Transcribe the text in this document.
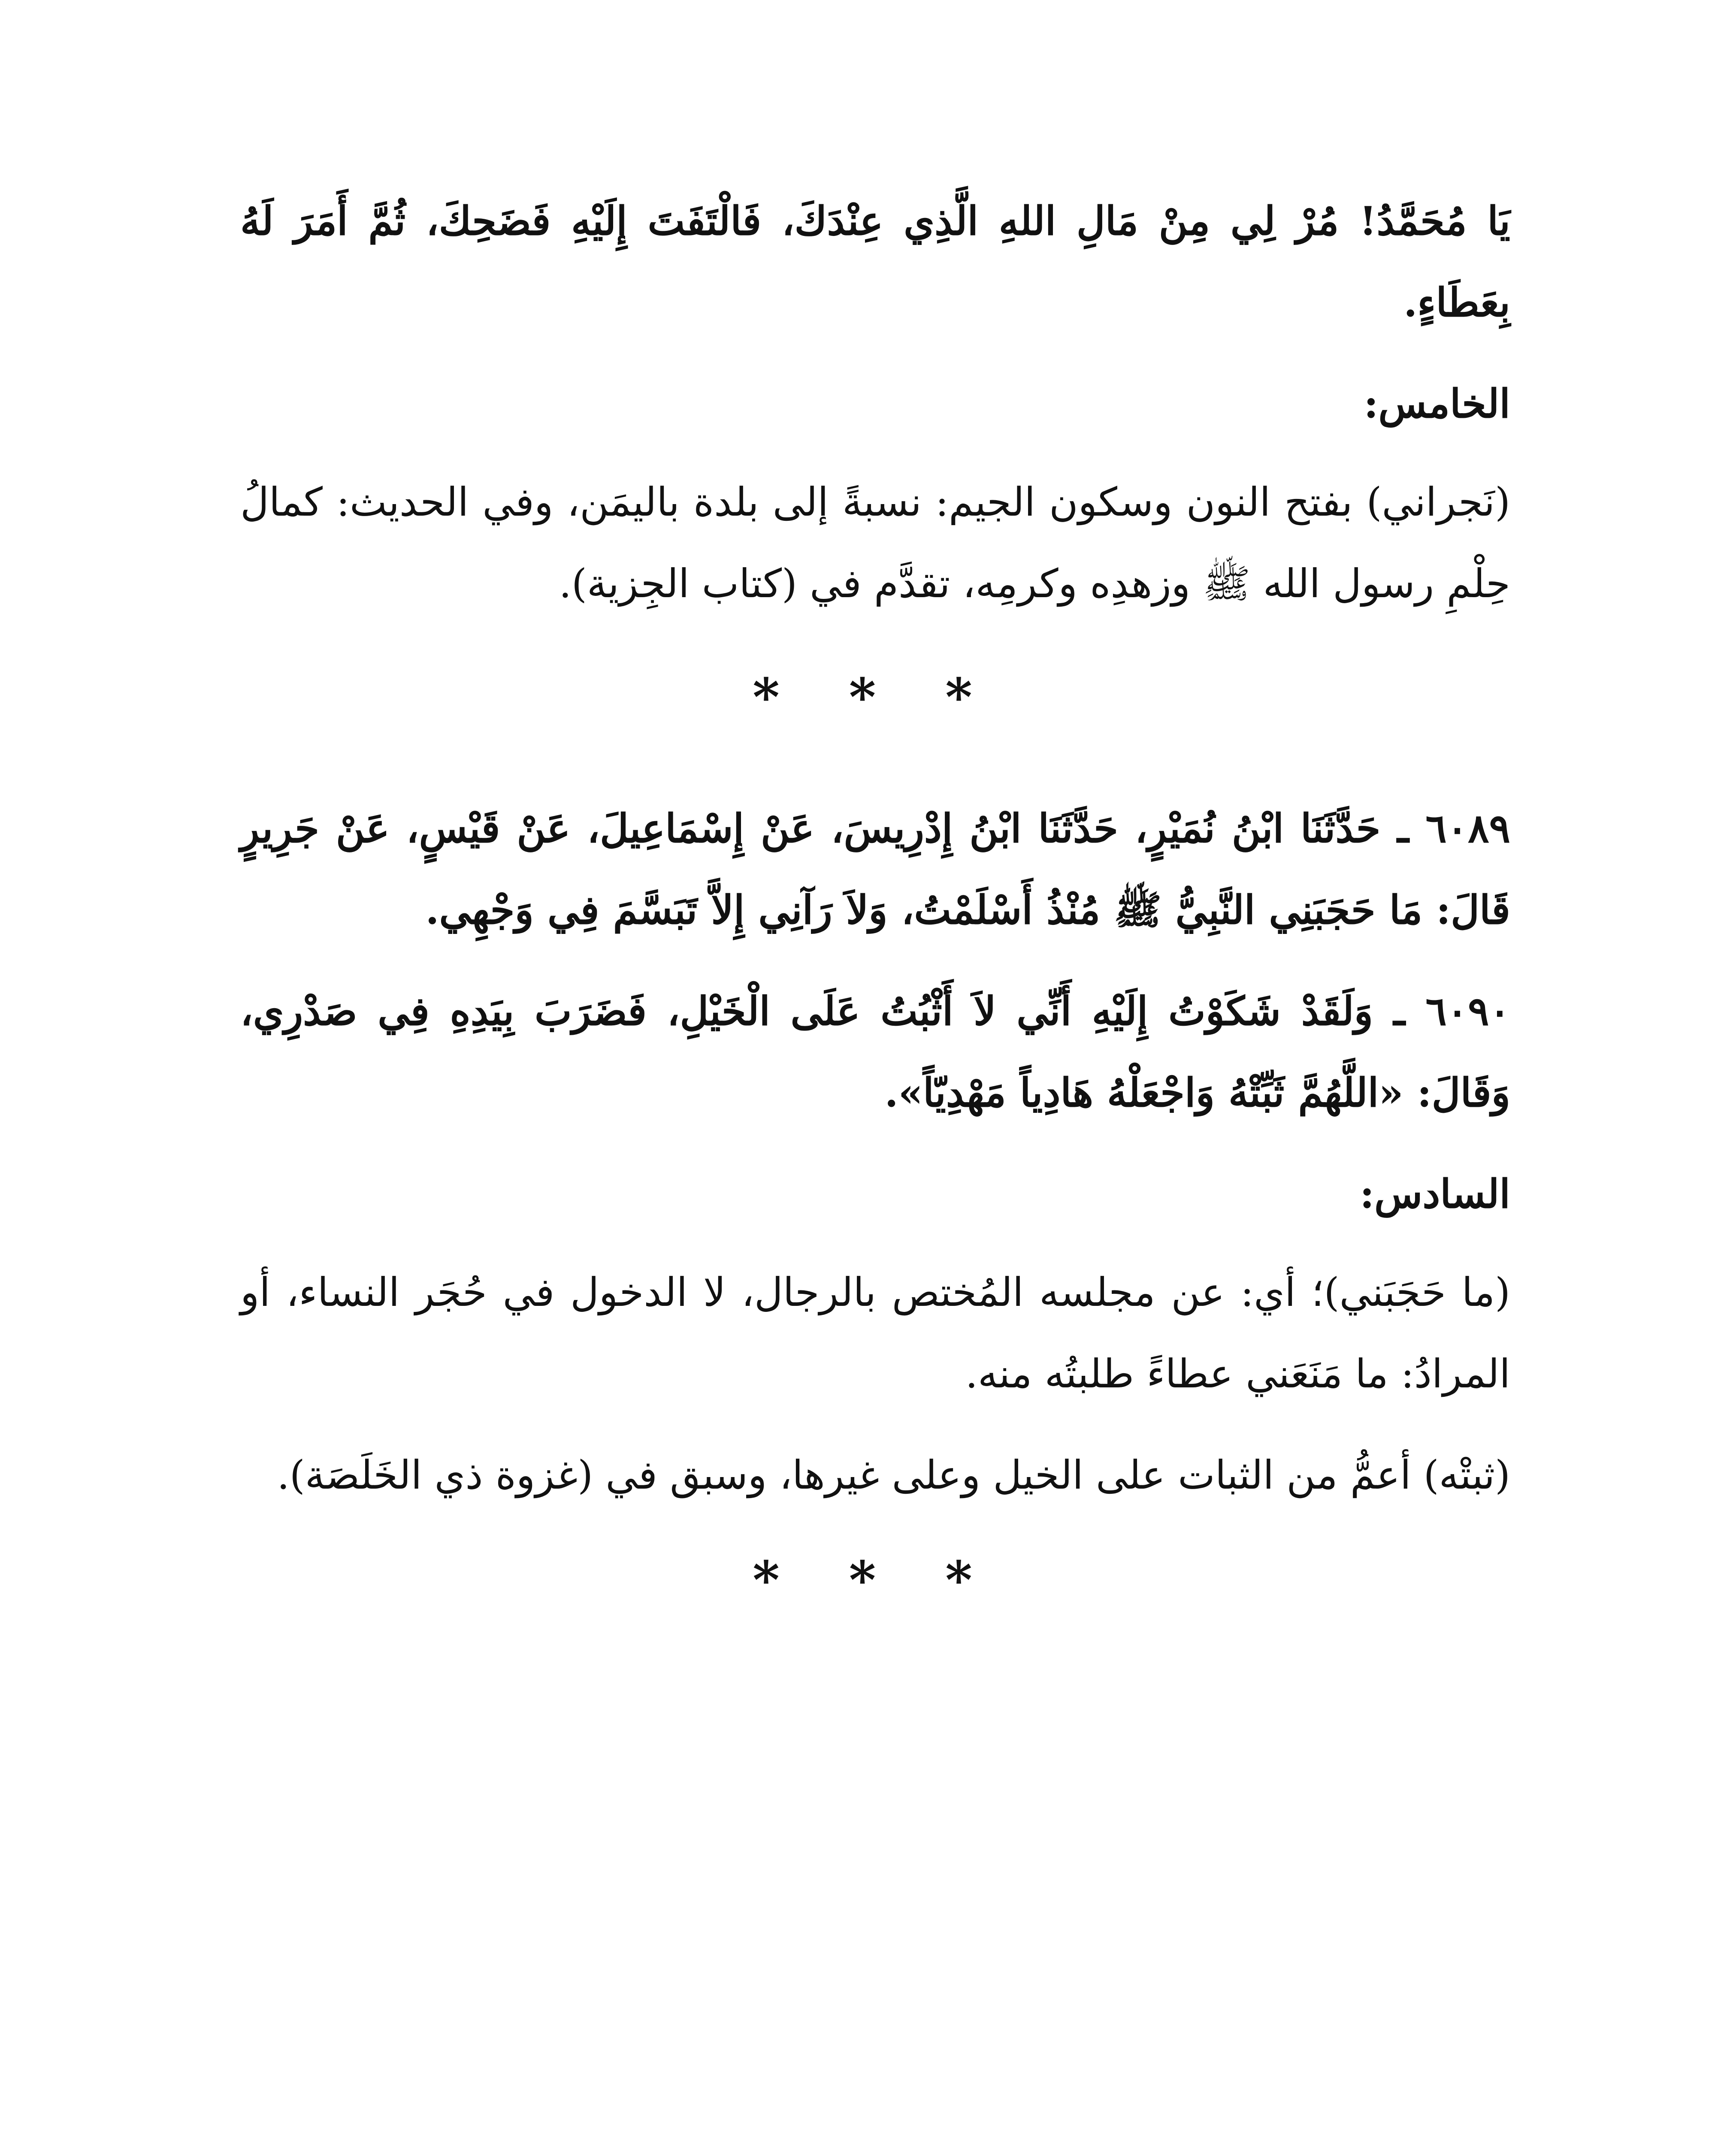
يَا مُحَمَّدُ! مُرْ لِي مِنْ مَالِ اللهِ الَّذِي عِنْدَكَ، فَالْتَفَتَ إِلَيْهِ فَضَحِكَ، ثُمَّ أَمَرَ لَهُ بِعَطَاءٍ.

الخامس:

(نَجراني) بفتح النون وسكون الجيم: نسبةً إلى بلدة باليمَن، وفي الحديث: كمالُ حِلْمِ رسول الله ﷺ وزهدِه وكرمِه، تقدَّم في (كتاب الجِزية).

* * *

٦٠٨٩ ـ حَدَّثَنَا ابْنُ نُمَيْرٍ، حَدَّثَنَا ابْنُ إِدْرِيسَ، عَنْ إِسْمَاعِيلَ، عَنْ قَيْسٍ، عَنْ جَرِيرٍ قَالَ: مَا حَجَبَنِي النَّبِيُّ ﷺ مُنْذُ أَسْلَمْتُ، وَلاَ رَآنِي إِلاَّ تَبَسَّمَ فِي وَجْهِي.

٦٠٩٠ ـ وَلَقَدْ شَكَوْتُ إِلَيْهِ أَنِّي لاَ أَثْبُتُ عَلَى الْخَيْلِ، فَضَرَبَ بِيَدِهِ فِي صَدْرِي، وَقَالَ: «اللَّهُمَّ ثَبِّتْهُ وَاجْعَلْهُ هَادِياً مَهْدِيّاً».

السادس:

(ما حَجَبَني)؛ أي: عن مجلسه المُختص بالرجال، لا الدخول في حُجَر النساء، أو المرادُ: ما مَنَعَني عطاءً طلبتُه منه.

(ثبتْه) أعمُّ من الثبات على الخيل وعلى غيرها، وسبق في (غزوة ذي الخَلَصَة).

* * *
